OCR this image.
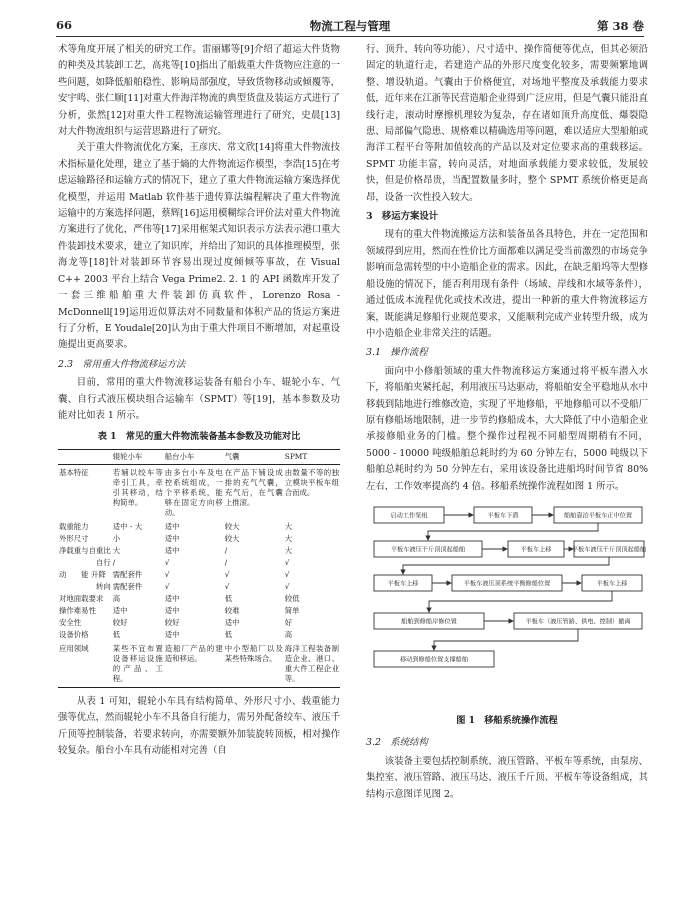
66	物流工程与管理	第 38 卷

术等角度开展了相关的研究工作。雷丽娜等[9]介绍了超运大件货物的种类及其装卸工艺，高兆等[10]指出了船载重大件货物应注意的一些问题，如降低船舶稳性、影响局部强度，导致货物移动或倾覆等，安宇鸣、张仁顺[11]对重大件海洋物流的典型货盘及装运方式进行了分析，张然[12]对重大件工程物流运输管理进行了研究，史晨[13]对大件物流组织与运营思路进行了研究。

关于重大件物流优化方案，王彦庆、常文欣[14]将重大件物流技术指标量化处理，建立了基于熵的大件物流运作模型，李浩[15]在考虑运输路径和运输方式的情况下，建立了重大件物流运输方案选择优化模型，并运用 Matlab 软件基于遗传算法编程解决了重大件物流运输中的方案选择问题，蔡辉[16]运用模糊综合评价法对重大件物流方案进行了优化，严伟等[17]采用框架式知识表示方法表示港口重大件装卸技术要求，建立了知识库，并给出了知识的具体推理模型，张海龙等[18]针对装卸环节容易出现过度倾倾等事故，在 Visual C++ 2003 平台上结合 Vega Prime2. 2. 1 的 API 函数库开发了一套三维船舶重大件装卸仿真软件，Lorenzo Rosa - McDonnell[19]运用近似算法对不同数量和体积产品的货运方案进行了分析，E Youdale[20]认为由于重大件项目不断增加，对起重设施提出更高要求。

2.3　常用重大件物流移运方法

目前，常用的重大件物流移运装备有船台小车、辊轮小车、气囊、自行式液压模块组合运输车（SPMT）等[19]，基本参数及功能对比如表 1 所示。

表 1　常见的重大件物流装备基本参数及功能对比
	辊轮小车	船台小车	气囊	SPMT
基本特征	若辅以绞车等牵引工具，牵引其移动，结构简单。	由多台小车及电控系统组成，一个平移系统，能够在固定方向移动。	在产品下铺设成排的充气气囊，充气后，在气囊上推滚。	由数量不等的独立模块平板车组合而成。
载重能力	适中 - 大	适中	较大	大
外形尺寸	小	适中	较大	大
净载重与自重比	大	适中	/	大
自行	/	√	/	√
动　　能 升降	需配套件	√	√	√
转向	需配套件	√	√	√
对地面载要求	高	适中	低	较低
操作难易性	适中	适中	较难	简单
安全性	较好	较好	适中	好
设备价格	低	适中	低	高
应用领域	某些不宜布置设备移运设施的产品、工程。	造船厂产品的建造和移运。	中小型船厂以及某些特殊场合。	海洋工程装备制造企业、港口、重大件工程企业等。

从表 1 可知，辊轮小车具有结构简单、外形尺寸小、载重能力强等优点，然而辊轮小车不具备自行能力，需另外配备绞车、液压千斤顶等控制装备，若要求转向，亦需要额外加装旋转顶板，相对操作较复杂。船台小车具有动能相对完善（自

行、顶升、转向等功能）、尺寸适中、操作简便等优点，但其必须沿固定的轨道行走，若建造产品的外形尺度变化较多，需要频繁地调整、增设轨道。气囊由于价格便宜，对场地平整度及承载能力要求低，近年来在江浙等民营造船企业得到广泛应用，但是气囊只能沿直线行走，滚动时摩擦机理较为复杂，存在诸如顶升高度低、爆裂隐患、局部偏气隐患、规格难以精确选用等问题，难以适应大型船舶或海洋工程平台等附加值较高的产品以及对定位要求高的重载移运。SPMT 功能丰富，转向灵活，对地面承载能力要求较低，发展较快，但是价格昂贵，当配置数量多时，整个 SPMT 系统价格更是高昂，设备一次性投入较大。

3　移运方案设计

现有的重大件物流搬运方法和装备虽各具特色，并在一定范围和领域得到应用，然而在性价比方面都难以满足受当前激烈的市场竞争影响而急需转型的中小造船企业的需求。因此，在缺乏船坞等大型修船设施的情况下，能否利用现有条件（场域、岸线和水域等条件），通过低成本流程优化或技术改进，提出一种新的重大件物流移运方案，既能满足修船行业规范要求，又能顺利完成产业转型升级，成为中小造船企业非常关注的话题。

3.1　操作流程

面向中小修船领域的重大件物流移运方案通过将平板车潜入水下，将船舶夹紧托起，利用液压马达驱动，将船舶安全平稳地从水中移载到陆地进行维修改造，实现了平地修船，平地修船可以不受船厂原有修船场地限制，进一步节约修船成本，大大降低了中小造船企业承接修船业务的门槛。整个操作过程视不同船型周期稍有不同，5000 - 10000 吨级船舶总耗时约为 60 分钟左右，5000 吨级以下船舶总耗时约为 50 分钟左右，采用该设备比进船坞时间节省 80% 左右，工作效率提高约 4 倍。移船系统操作流程如图 1 所示。

启动工作泵组	平板车下潜	船舶靠泊平板车正中位置
平板车液压千斤顶顶起船舶	平板车上移	平板车液压千斤顶顶起船舶
平板车上移	平板车液压顶系统平衡修船位置	平板车上移
船舶到修船岸修位置	平板车（液压管路、供电、控制）撤离
移动到修船位置支撑船舶
图 1　移船系统操作流程
3.2　系统结构

该装备主要包括控制系统、液压管路、平板车等系统，由泵房、集控室、液压管路、液压马达、液压千斤顶、平板车等设备组成，其结构示意图详见图 2。
